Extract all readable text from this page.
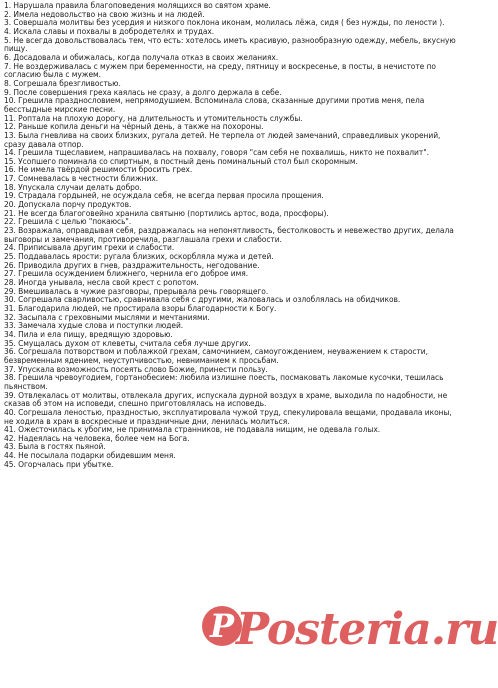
1. Нарушала правила благоповедения молящихся во святом храме.
2. Имела недовольство на свою жизнь и на людей.
3. Совершала молитвы без усердия и низкого поклона иконам, молилась лёжа, сидя ( без нужды, по лености ).
4. Искала славы и похвалы в добродетелях и трудах.
5. Не всегда довольствовалась тем, что есть: хотелось иметь красивую, разнообразную одежду, мебель, вкусную пищу.
6. Досадовала и обижалась, когда получала отказ в своих желаниях.
7. Не воздерживалась с мужем при беременности, на среду, пятницу и воскресенье, в посты, в нечистоте по согласию была с мужем.
8. Согрешала брезгливостью.
9. После совершения греха каялась не сразу, а долго держала в себе.
10. Грешила празднословием, непрямодушием. Вспоминала слова, сказанные другими против меня, пела бесстыдные мирские песни.
11. Роптала на плохую дорогу, на длительность и утомительность службы.
12. Раньше копила деньги на чёрный день, а также на похороны.
13. Была гневлива на своих близких, ругала детей. Не терпела от людей замечаний, справедливых укорений, сразу давала отпор.
14. Грешила тщеславием, напрашивалась на похвалу, говоря "сам себя не похвалишь, никто не похвалит".
15. Усопшего поминала со спиртным, в постный день поминальный стол был скоромным.
16. Не имела твёрдой решимости бросить грех.
17. Сомневалась в честности ближних.
18. Упускала случаи делать добро.
19. Страдала гордыней, не осуждала себя, не всегда первая просила прощения.
20. Допускала порчу продуктов.
21. Не всегда благоговейно хранила святыню (портились артос, вода, просфоры).
22. Грешила с целью "покаюсь".
23. Возражала, оправдывая себя, раздражалась на непонятливость, бестолковость и невежество других, делала выговоры и замечания, противоречила, разглашала грехи и слабости.
24. Приписывала другим грехи и слабости.
25. Поддавалась ярости: ругала близких, оскорбляла мужа и детей.
26. Приводила других в гнев, раздражительность, негодование.
27. Грешила осуждением ближнего, чернила его доброе имя.
28. Иногда унывала, несла свой крест с ропотом.
29. Вмешивалась в чужие разговоры, прерывала речь говорящего.
30. Согрешала сварливостью, сравнивала себя с другими, жаловалась и озлоблялась на обидчиков.
31. Благодарила людей, не простирала взоры благодарности к Богу.
32. Засыпала с греховными мыслями и мечтаниями.
33. Замечала худые слова и поступки людей.
34. Пила и ела пищу, вредящую здоровью.
35. Смущалась духом от клеветы, считала себя лучше других.
36. Согрешала потворством и поблажкой грехам, самочинием, самоугождением, неуважением к старости, безвременным ядением, неуступчивостью, невниманием к просьбам.
37. Упускала возможность посеять слово Божие, принести пользу.
38. Грешила чревоугодием, гортанобесием: любила излишне поесть, посмаковать лакомые кусочки, тешилась пьянством.
39. Отвлекалась от молитвы, отвлекала других, испускала дурной воздух в храме, выходила по надобности, не сказав об этом на исповеди, спешно приготовлялась на исповедь.
40. Согрешала леностью, праздностью, эксплуатировала чужой труд, спекулировала вещами, продавала иконы, не ходила в храм в воскресные и праздничные дни, ленилась молиться.
41. Ожесточилась к убогим, не принимала странников, не подавала нищим, не одевала голых.
42. Надеялась на человека, более чем на Бога.
43. Была в гостях пьяной.
44. Не посылала подарки обидевшим меня.
45. Огорчалась при убытке.
P Posteria.ru
